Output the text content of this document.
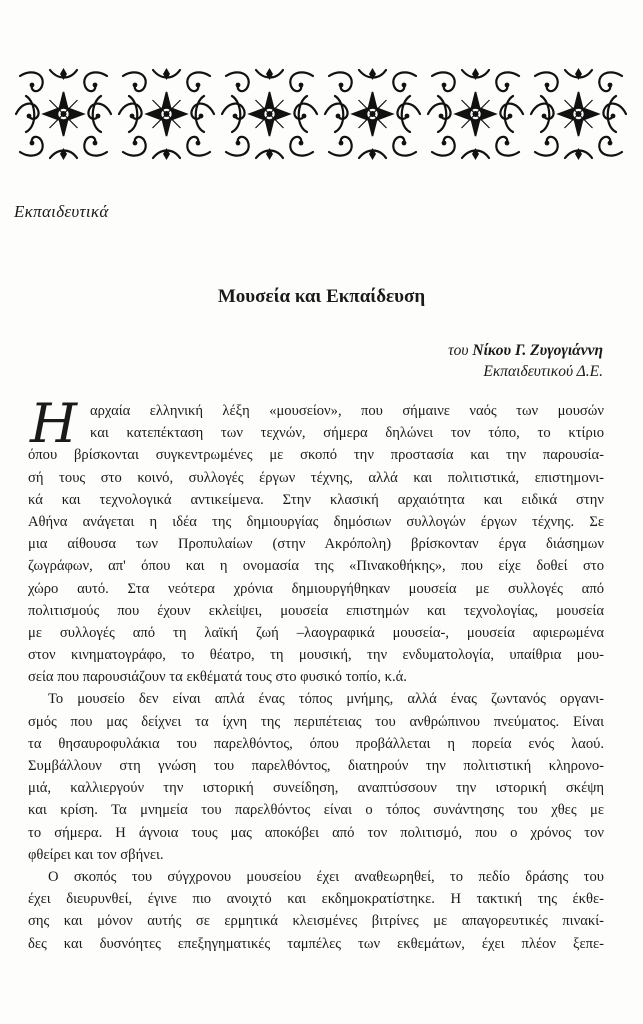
Εκπαιδευτικά
Μουσεία και Εκπαίδευση
του Νίκου Γ. Ζυγογιάννη
Εκπαιδευτικού Δ.Ε.
Η αρχαία ελληνική λέξη «μουσείον», που σήμαινε ναός των μουσών
και κατεπέκταση των τεχνών, σήμερα δηλώνει τον τόπο, το κτίριο
όπου βρίσκονται συγκεντρωμένες με σκοπό την προστασία και την παρουσία-
σή τους στο κοινό, συλλογές έργων τέχνης, αλλά και πολιτιστικά, επιστημονι-
κά και τεχνολογικά αντικείμενα. Στην κλασική αρχαιότητα και ειδικά στην
Αθήνα ανάγεται η ιδέα της δημιουργίας δημόσιων συλλογών έργων τέχνης. Σε
μια αίθουσα των Προπυλαίων (στην Ακρόπολη) βρίσκονταν έργα διάσημων
ζωγράφων, απ' όπου και η ονομασία της «Πινακοθήκης», που είχε δοθεί στο
χώρο αυτό. Στα νεότερα χρόνια δημιουργήθηκαν μουσεία με συλλογές από
πολιτισμούς που έχουν εκλείψει, μουσεία επιστημών και τεχνολογίας, μουσεία
με συλλογές από τη λαϊκή ζωή –λαογραφικά μουσεία-, μουσεία αφιερωμένα
στον κινηματογράφο, το θέατρο, τη μουσική, την ενδυματολογία, υπαίθρια μου-
σεία που παρουσιάζουν τα εκθέματά τους στο φυσικό τοπίο, κ.ά.
Το μουσείο δεν είναι απλά ένας τόπος μνήμης, αλλά ένας ζωντανός οργανι-
σμός που μας δείχνει τα ίχνη της περιπέτειας του ανθρώπινου πνεύματος. Είναι
τα θησαυροφυλάκια του παρελθόντος, όπου προβάλλεται η πορεία ενός λαού.
Συμβάλλουν στη γνώση του παρελθόντος, διατηρούν την πολιτιστική κληρονο-
μιά, καλλιεργούν την ιστορική συνείδηση, αναπτύσσουν την ιστορική σκέψη
και κρίση. Τα μνημεία του παρελθόντος είναι ο τόπος συνάντησης του χθες με
το σήμερα. Η άγνοια τους μας αποκόβει από τον πολιτισμό, που ο χρόνος τον
φθείρει και τον σβήνει.
Ο σκοπός του σύγχρονου μουσείου έχει αναθεωρηθεί, το πεδίο δράσης του
έχει διευρυνθεί, έγινε πιο ανοιχτό και εκδημοκρατίστηκε. Η τακτική της έκθε-
σης και μόνον αυτής σε ερμητικά κλεισμένες βιτρίνες με απαγορευτικές πινακί-
δες και δυσνόητες επεξηγηματικές ταμπέλες των εκθεμάτων, έχει πλέον ξεπε-
